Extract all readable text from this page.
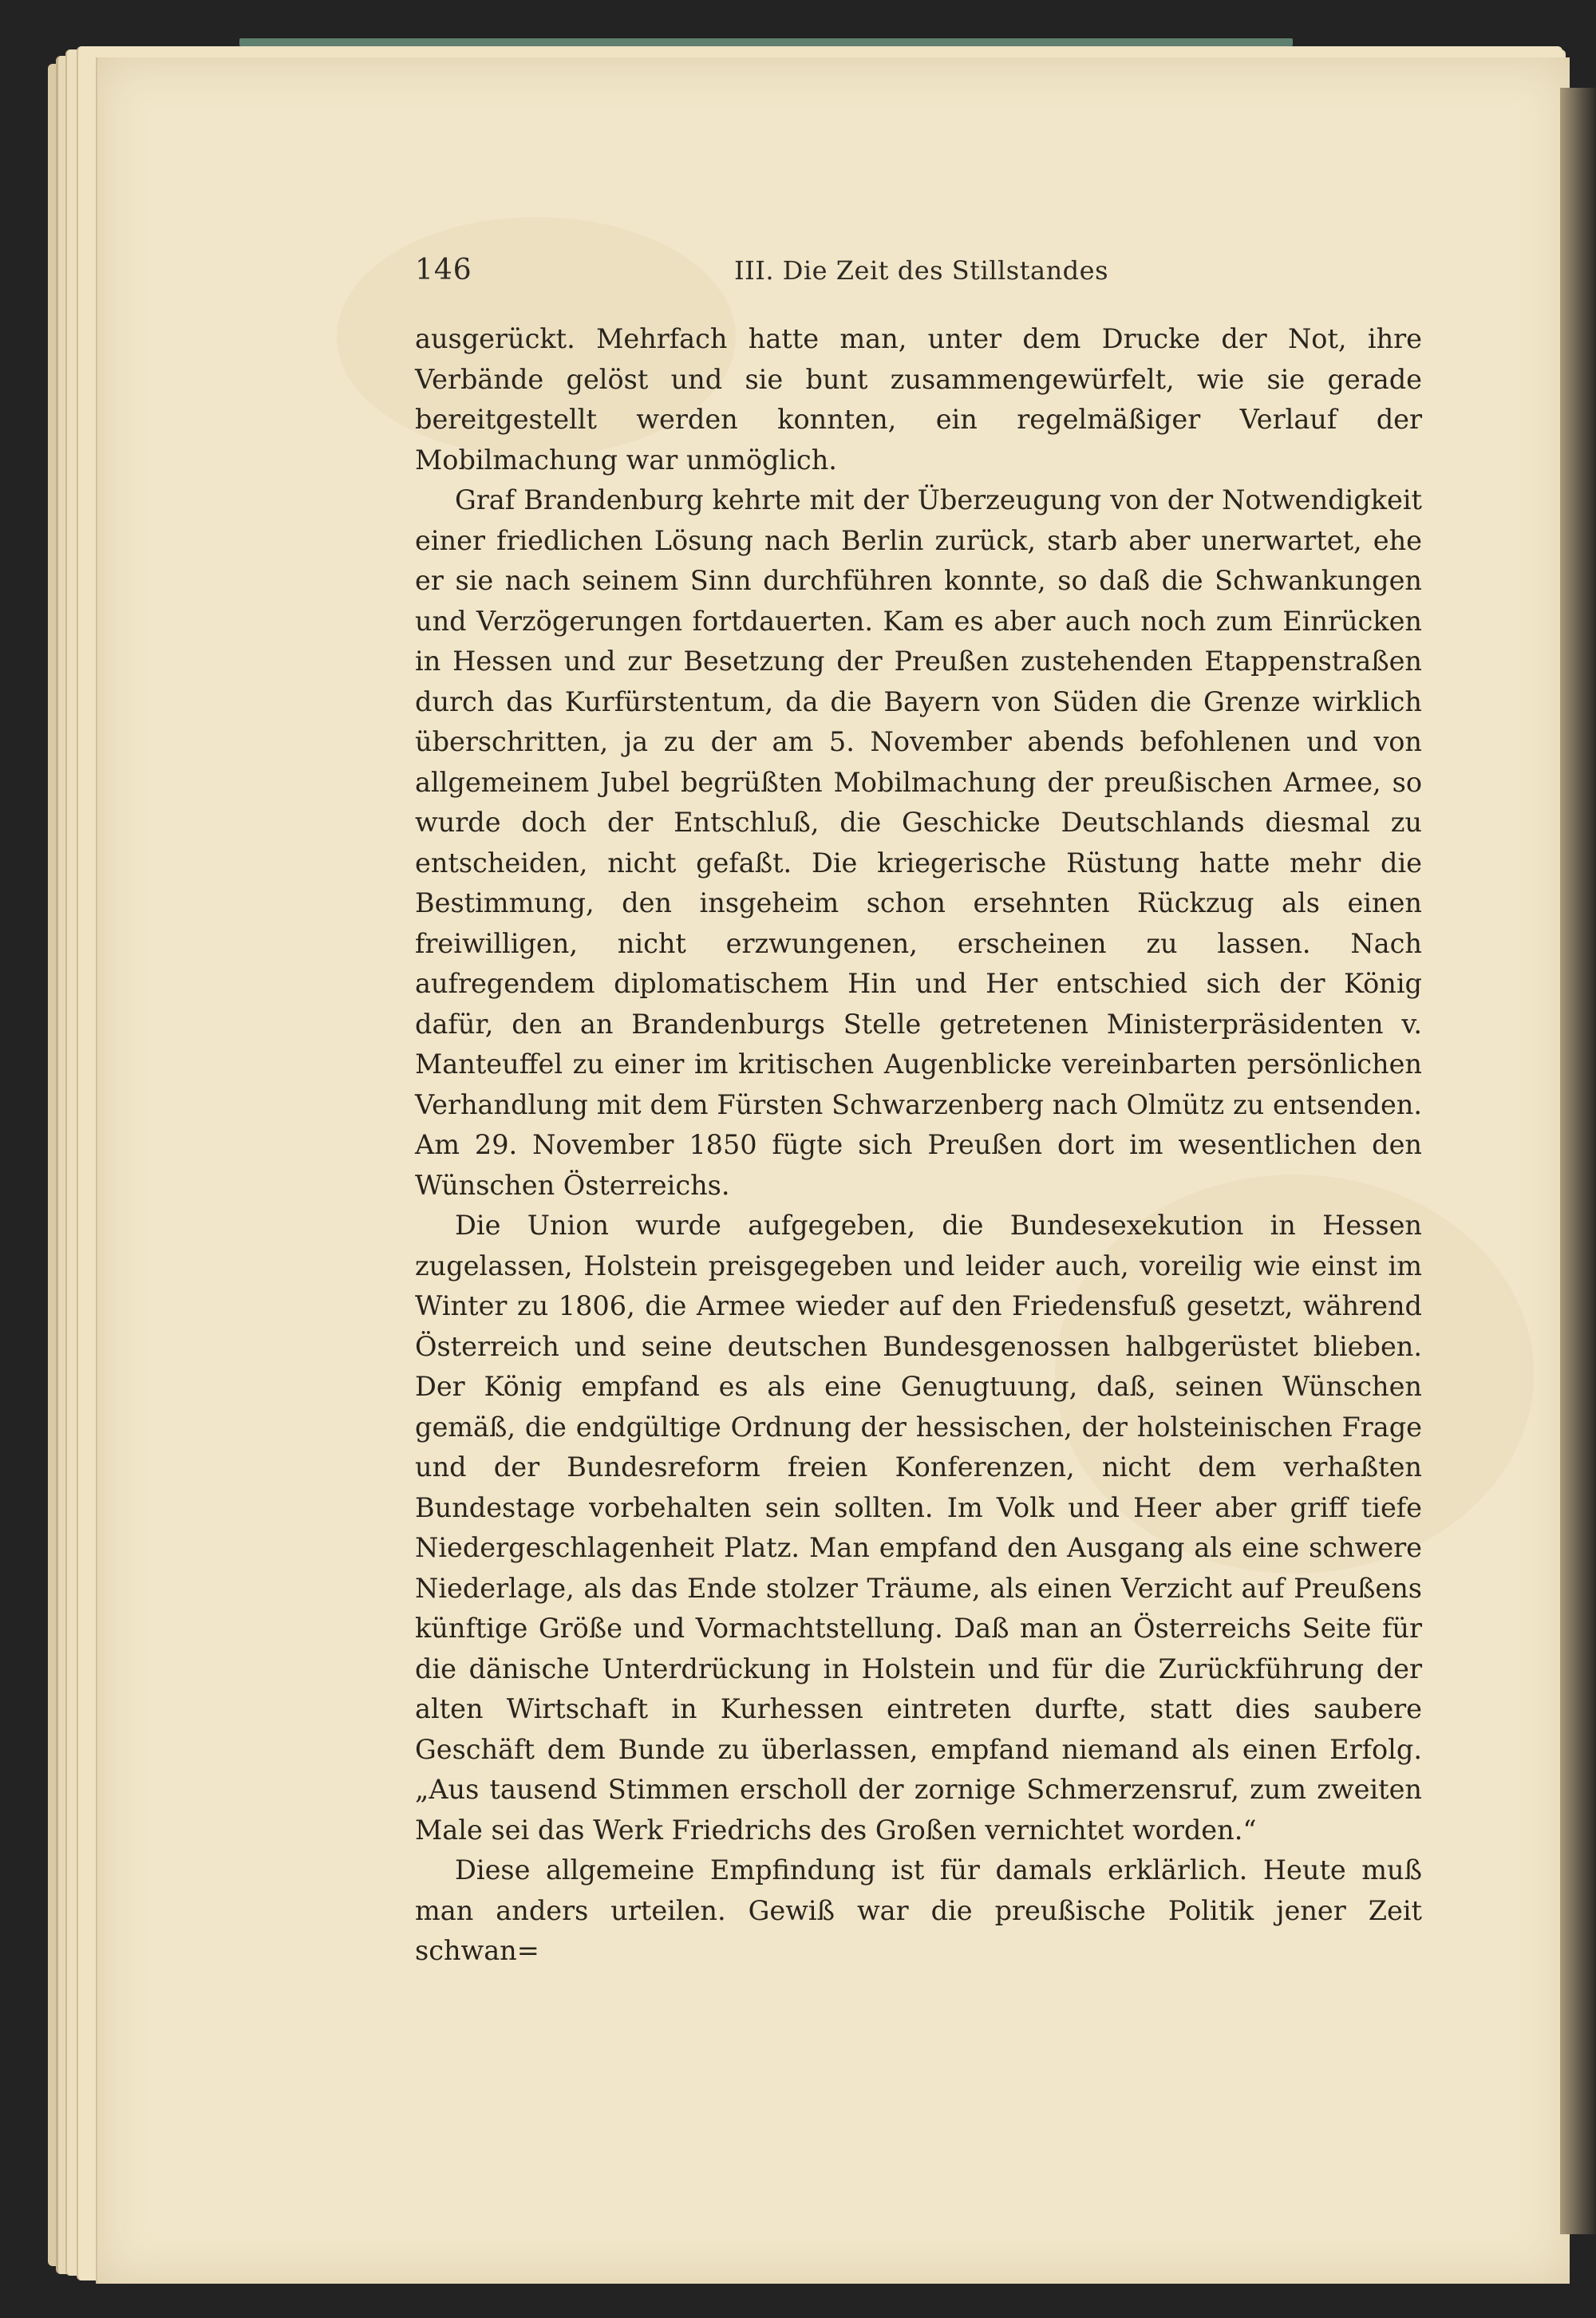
146	III. Die Zeit des Stillstandes

ausgerückt. Mehrfach hatte man, unter dem Drucke der Not, ihre Verbände gelöst und sie bunt zusammengewürfelt, wie sie gerade bereitgestellt werden konnten, ein regelmäßiger Verlauf der Mobilmachung war unmöglich.

Graf Brandenburg kehrte mit der Überzeugung von der Notwendigkeit einer friedlichen Lösung nach Berlin zurück, starb aber unerwartet, ehe er sie nach seinem Sinn durchführen konnte, so daß die Schwankungen und Verzögerungen fortdauerten. Kam es aber auch noch zum Einrücken in Hessen und zur Besetzung der Preußen zustehenden Etappenstraßen durch das Kurfürstentum, da die Bayern von Süden die Grenze wirklich überschritten, ja zu der am 5. November abends befohlenen und von allgemeinem Jubel begrüßten Mobilmachung der preußischen Armee, so wurde doch der Entschluß, die Geschicke Deutschlands diesmal zu entscheiden, nicht gefaßt. Die kriegerische Rüstung hatte mehr die Bestimmung, den insgeheim schon ersehnten Rückzug als einen freiwilligen, nicht erzwungenen, erscheinen zu lassen. Nach aufregendem diplomatischem Hin und Her entschied sich der König dafür, den an Brandenburgs Stelle getretenen Ministerpräsidenten v. Manteuffel zu einer im kritischen Augenblicke vereinbarten persönlichen Verhandlung mit dem Fürsten Schwarzenberg nach Olmütz zu entsenden. Am 29. November 1850 fügte sich Preußen dort im wesentlichen den Wünschen Österreichs.

Die Union wurde aufgegeben, die Bundesexekution in Hessen zugelassen, Holstein preisgegeben und leider auch, voreilig wie einst im Winter zu 1806, die Armee wieder auf den Friedensfuß gesetzt, während Österreich und seine deutschen Bundesgenossen halbgerüstet blieben. Der König empfand es als eine Genugtuung, daß, seinen Wünschen gemäß, die endgültige Ordnung der hessischen, der holsteinischen Frage und der Bundesreform freien Konferenzen, nicht dem verhaßten Bundestage vorbehalten sein sollten. Im Volk und Heer aber griff tiefe Niedergeschlagenheit Platz. Man empfand den Ausgang als eine schwere Niederlage, als das Ende stolzer Träume, als einen Verzicht auf Preußens künftige Größe und Vormachtstellung. Daß man an Österreichs Seite für die dänische Unterdrückung in Holstein und für die Zurückführung der alten Wirtschaft in Kurhessen eintreten durfte, statt dies saubere Geschäft dem Bunde zu überlassen, empfand niemand als einen Erfolg. „Aus tausend Stimmen erscholl der zornige Schmerzensruf, zum zweiten Male sei das Werk Friedrichs des Großen vernichtet worden.“

Diese allgemeine Empfindung ist für damals erklärlich. Heute muß man anders urteilen. Gewiß war die preußische Politik jener Zeit schwan=
